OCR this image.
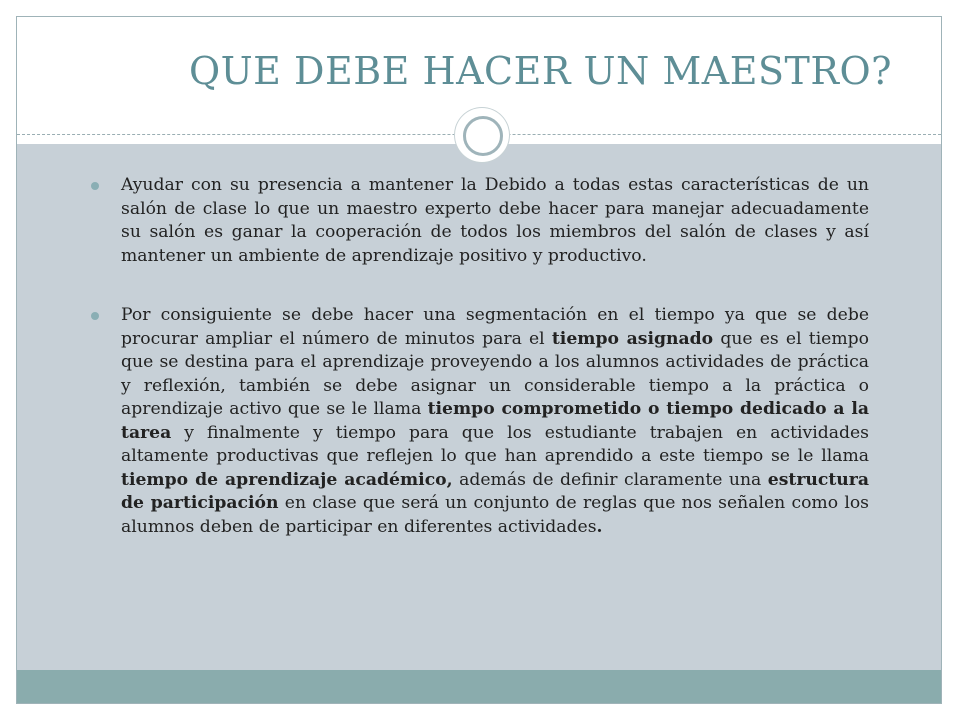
QUE DEBE HACER UN MAESTRO?
Ayudar con su presencia a mantener la Debido a todas estas características de un salón de clase lo que un maestro experto debe hacer para manejar adecuadamente su salón es ganar la cooperación de todos los miembros del salón de clases y así mantener un ambiente de aprendizaje positivo y productivo.
Por consiguiente se debe hacer una segmentación en el tiempo ya que se debe procurar ampliar el número de minutos para el tiempo asignado que es el tiempo que se destina para el aprendizaje proveyendo a los alumnos actividades de práctica y reflexión, también se debe asignar un considerable tiempo a la práctica o aprendizaje activo que se le llama tiempo comprometido o tiempo dedicado a la tarea y finalmente y tiempo para que los estudiante trabajen en actividades altamente productivas que reflejen lo que han aprendido a este tiempo se le llama tiempo de aprendizaje académico, además de definir claramente una estructura de participación en clase que será un conjunto de reglas que nos señalen como los alumnos deben de participar en diferentes actividades.
